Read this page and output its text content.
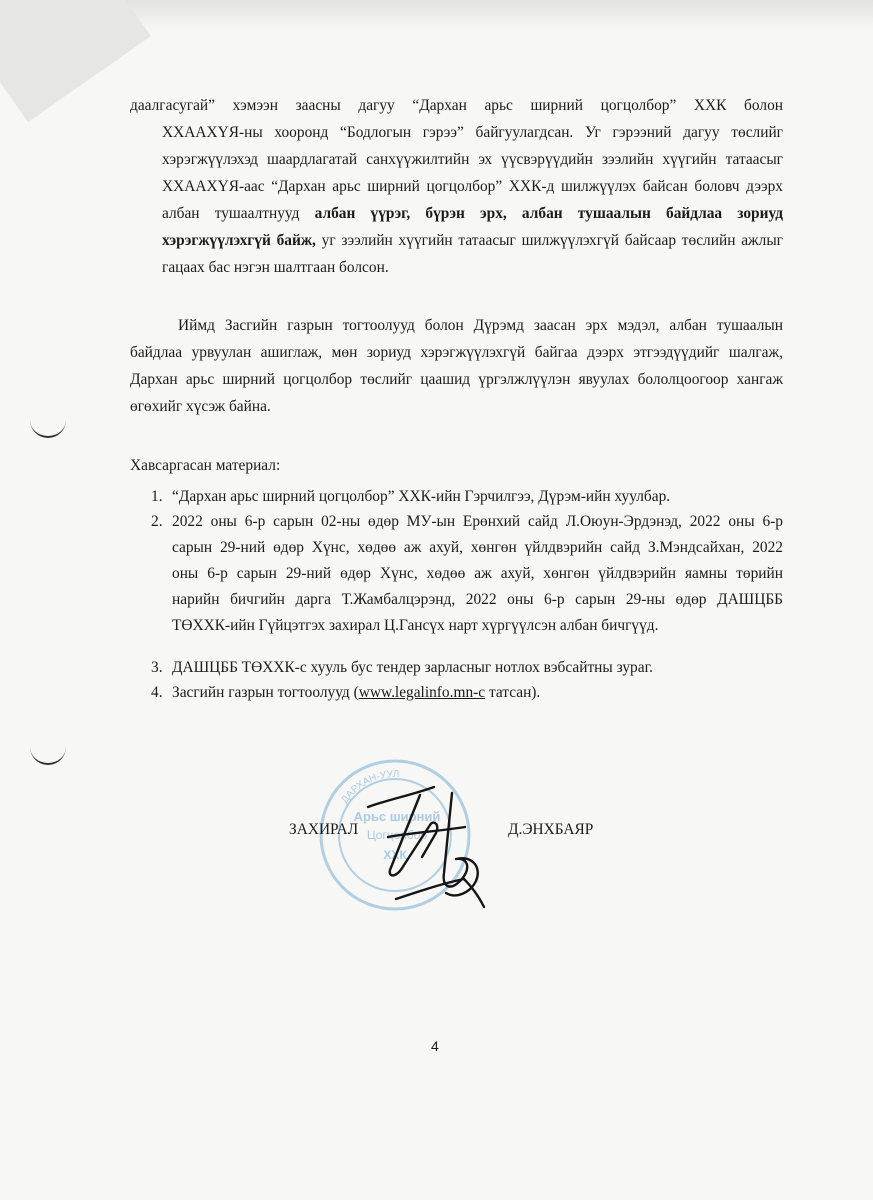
даалгасугай” хэмээн заасны дагуу “Дархан арьс ширний цогцолбор” ХХК болон
ХХААХҮЯ-ны хооронд “Бодлогын гэрээ” байгуулагдсан. Уг гэрээний дагуу төслийг
хэрэгжүүлэхэд шаардлагатай санхүүжилтийн эх үүсвэрүүдийн зээлийн хүүгийн татаасыг
ХХААХҮЯ-аас “Дархан арьс ширний цогцолбор” ХХК-д шилжүүлэх байсан боловч дээрх
албан тушаалтнууд албан үүрэг, бүрэн эрх, албан тушаалын байдлаа зориуд
хэрэгжүүлэхгүй байж, уг зээлийн хүүгийн татаасыг шилжүүлэхгүй байсаар төслийн ажлыг
гацаах бас нэгэн шалтгаан болсон.
Иймд Засгийн газрын тогтоолууд болон Дүрэмд заасан эрх мэдэл, албан тушаалын
байдлаа урвуулан ашиглаж, мөн зориуд хэрэгжүүлэхгүй байгаа дээрх этгээдүүдийг шалгаж,
Дархан арьс ширний цогцолбор төслийг цаашид үргэлжлүүлэн явуулах бололцоогоор хангаж
өгөхийг хүсэж байна.
Хавсаргасан материал:
1. “Дархан арьс ширний цогцолбор” ХХК-ийн Гэрчилгээ, Дүрэм-ийн хуулбар.
2. 2022 оны 6-р сарын 02-ны өдөр МУ-ын Ерөнхий сайд Л.Оюун-Эрдэнэд, 2022 оны 6-р
сарын 29-ний өдөр Хүнс, хөдөө аж ахуй, хөнгөн үйлдвэрийн сайд З.Мэндсайхан, 2022
оны 6-р сарын 29-ний өдөр Хүнс, хөдөө аж ахуй, хөнгөн үйлдвэрийн яамны төрийн
нарийн бичгийн дарга Т.Жамбалцэрэнд, 2022 оны 6-р сарын 29-ны өдөр ДАШЦББ
ТӨХХК-ийн Гүйцэтгэх захирал Ц.Гансүх нарт хүргүүлсэн албан бичгүүд.
3. ДАШЦББ ТӨХХК-с хууль бус тендер зарласныг нотлох вэбсайтны зураг.
4. Засгийн газрын тогтоолууд (www.legalinfo.mn-c татсан).
ДАРХАН-УУЛ
Арьс ширний
Цогцолбор
ХХК
ЗАХИРАЛ	Д.ЭНХБАЯР
4
